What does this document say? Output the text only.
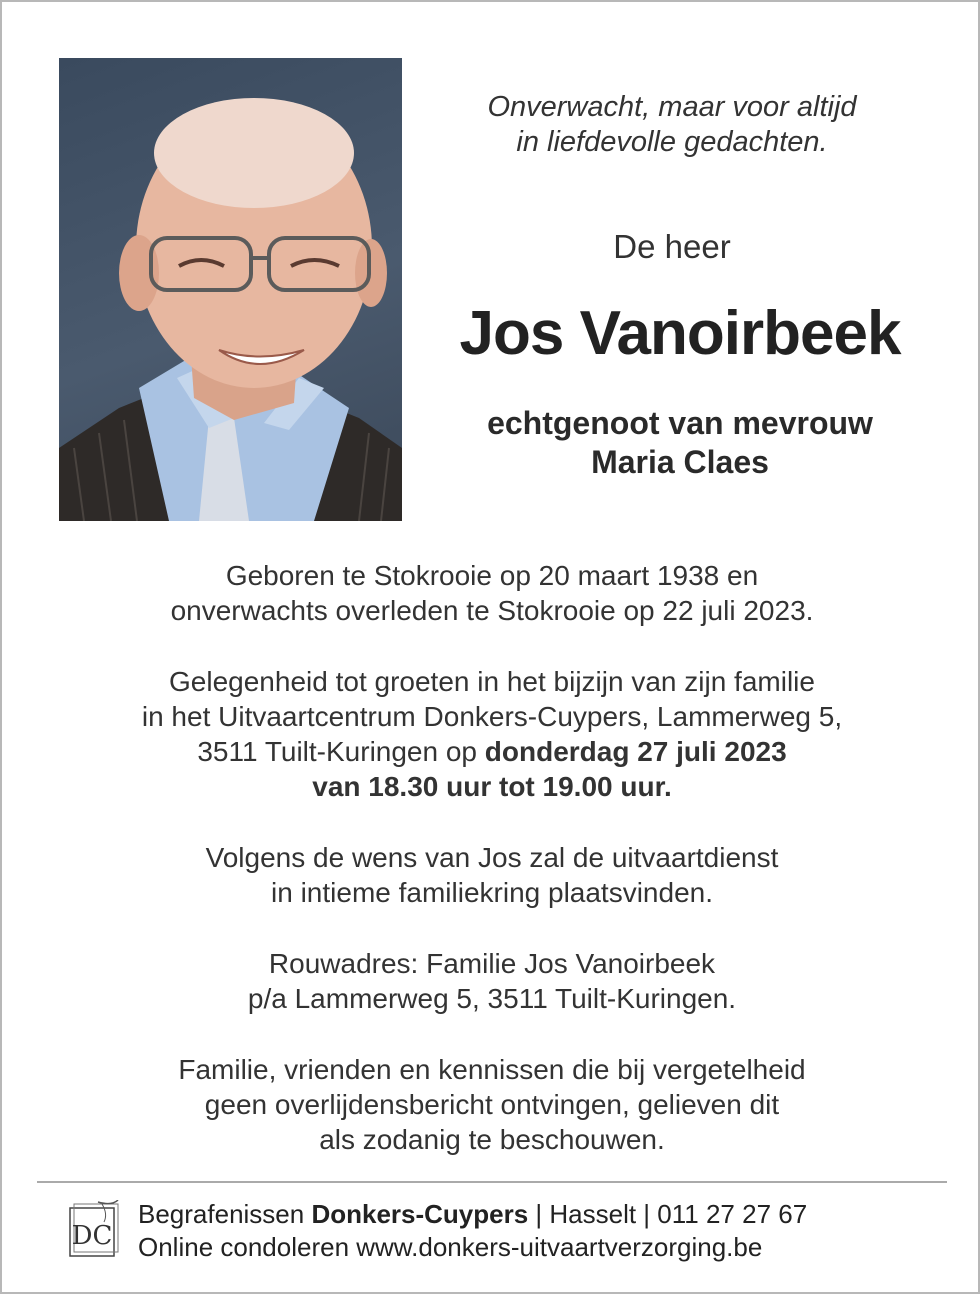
Onverwacht, maar voor altijd
in liefdevolle gedachten.
De heer
Jos Vanoirbeek
echtgenoot van mevrouw
Maria Claes
Geboren te Stokrooie op 20 maart 1938 en
onverwachts overleden te Stokrooie op 22 juli 2023.
Gelegenheid tot groeten in het bijzijn van zijn familie
in het Uitvaartcentrum Donkers-Cuypers, Lammerweg 5,
3511 Tuilt-Kuringen op donderdag 27 juli 2023
van 18.30 uur tot 19.00 uur.
Volgens de wens van Jos zal de uitvaartdienst
in intieme familiekring plaatsvinden.
Rouwadres: Familie Jos Vanoirbeek
p/a Lammerweg 5, 3511 Tuilt-Kuringen.
Familie, vrienden en kennissen die bij vergetelheid
geen overlijdensbericht ontvingen, gelieven dit
als zodanig te beschouwen.
DC
Begrafenissen Donkers-Cuypers | Hasselt | 011 27 27 67
Online condoleren www.donkers-uitvaartverzorging.be
